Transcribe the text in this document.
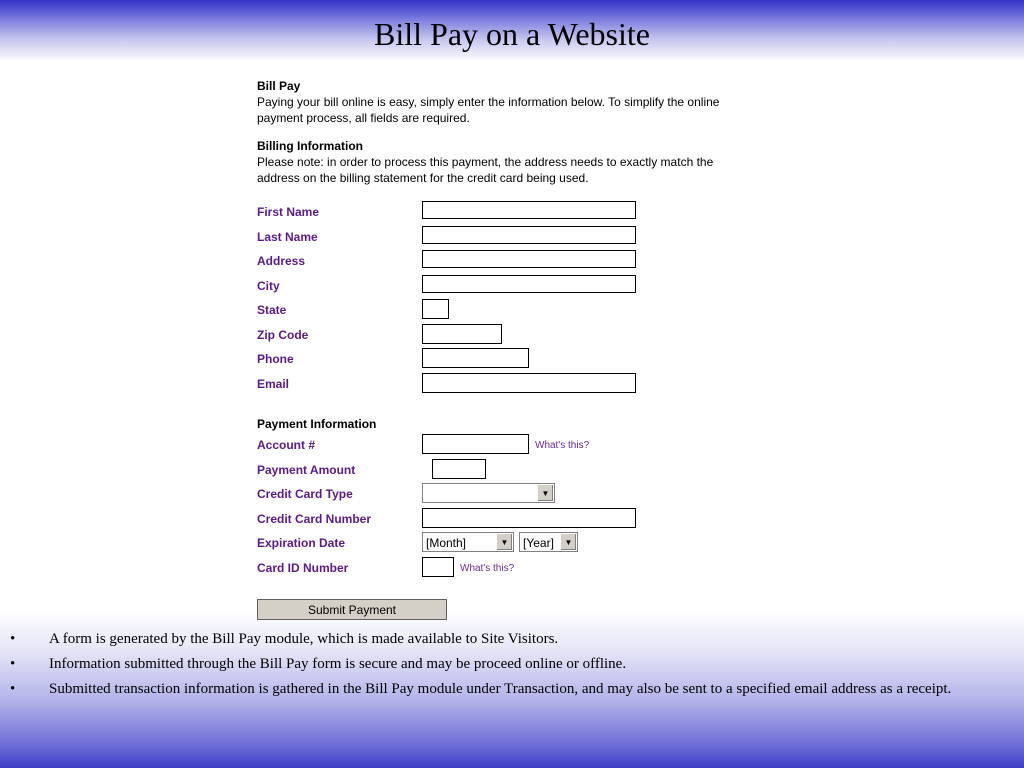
Bill Pay on a Website
Bill Pay
Paying your bill online is easy, simply enter the information below. To simplify the online payment process, all fields are required.
Billing Information
Please note: in order to process this payment, the address needs to exactly match the address on the billing statement for the credit card being used.
First Name
Last Name
Address
City
State
Zip Code
Phone
Email
Payment Information
Account #	What's this?
Payment Amount
Credit Card Type	▼
Credit Card Number
Expiration Date	[Month]	▼ [Year]	▼
Card ID Number	What's this?
Submit Payment
• A form is generated by the Bill Pay module, which is made available to Site Visitors.
• Information submitted through the Bill Pay form is secure and may be proceed online or offline.
• Submitted transaction information is gathered in the Bill Pay module under Transaction, and may also be sent to a specified email address as a receipt.
